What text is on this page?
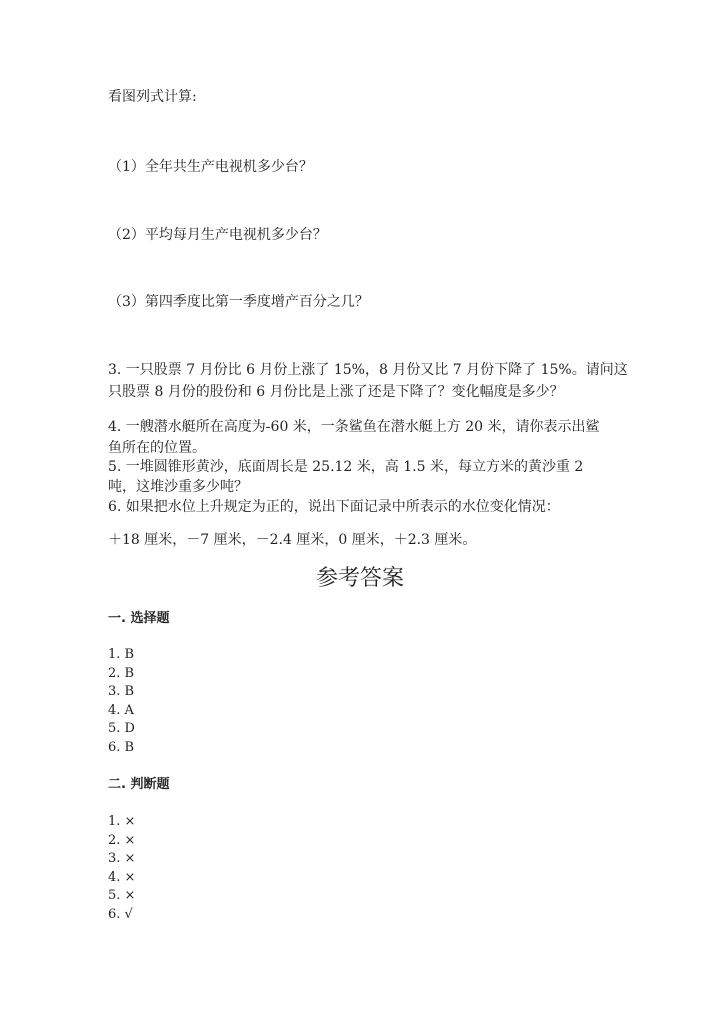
看图列式计算:
（1）全年共生产电视机多少台？
（2）平均每月生产电视机多少台？
（3）第四季度比第一季度增产百分之几？
3. 一只股票 7 月份比 6 月份上涨了 15%，8 月份又比 7 月份下降了 15%。请问这
只股票 8 月份的股份和 6 月份比是上涨了还是下降了？变化幅度是多少？
4. 一艘潜水艇所在高度为-60 米，一条鲨鱼在潜水艇上方 20 米，请你表示出鲨
鱼所在的位置。
5. 一堆圆锥形黄沙，底面周长是 25.12 米，高 1.5 米，每立方米的黄沙重 2
吨，这堆沙重多少吨？
6. 如果把水位上升规定为正的，说出下面记录中所表示的水位变化情况：
＋18 厘米，－7 厘米，－2.4 厘米，0 厘米，＋2.3 厘米。
参考答案
一. 选择题
1. B
2. B
3. B
4. A
5. D
6. B
二. 判断题
1. ×
2. ×
3. ×
4. ×
5. ×
6. √
